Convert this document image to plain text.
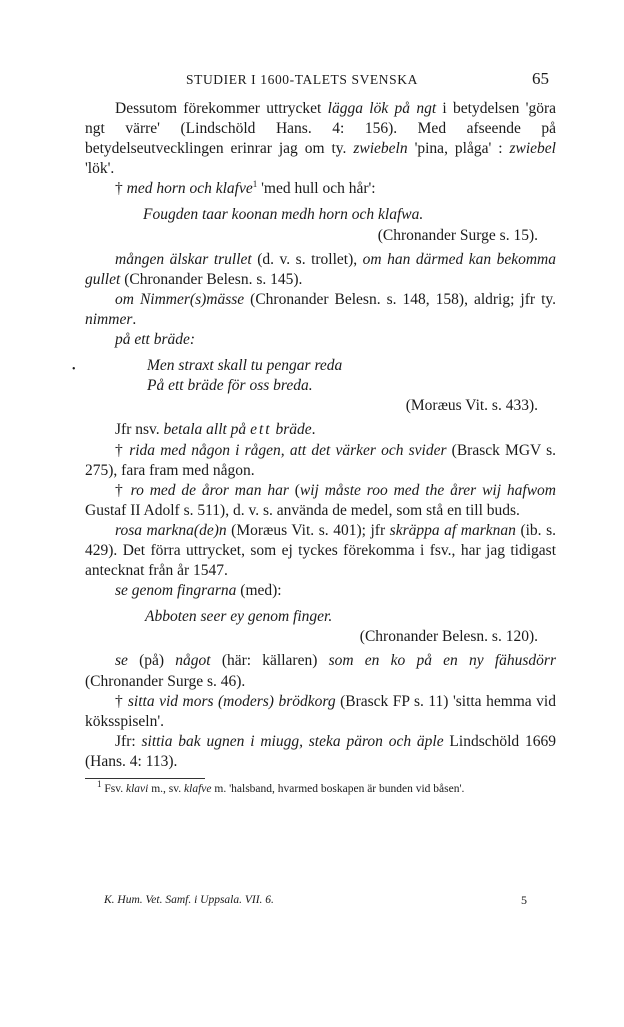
STUDIER I 1600-TALETS SVENSKA	65
•

Dessutom förekommer uttrycket lägga lök på ngt i betydelsen 'göra ngt värre' (Lindschöld Hans. 4: 156). Med afseende på betydelseutvecklingen erinrar jag om ty. zwiebeln 'pina, plåga' : zwiebel 'lök'.

† med horn och klafve$^1$ 'med hull och hår':

Fougden taar koonan medh horn och klafwa.

(Chronander Surge s. 15).

mången älskar trullet (d. v. s. trollet), om han därmed kan bekomma gullet (Chronander Belesn. s. 145).

om Nimmer(s)mässe (Chronander Belesn. s. 148, 158), aldrig; jfr ty. nimmer.

på ett bräde:

Men straxt skall tu pengar reda

På ett bräde för oss breda.

(Moræus Vit. s. 433).

Jfr nsv. betala allt på ett bräde.

† rida med någon i rågen, att det värker och svider (Brasck MGV s. 275), fara fram med någon.

† ro med de åror man har (wij måste roo med the årer wij hafwom Gustaf II Adolf s. 511), d. v. s. använda de medel, som stå en till buds.

rosa markna(de)n (Moræus Vit. s. 401); jfr skräppa af marknan (ib. s. 429). Det förra uttrycket, som ej tyckes förekomma i fsv., har jag tidigast antecknat från år 1547.

se genom fingrarna (med):

Abboten seer ey genom finger.

(Chronander Belesn. s. 120).

se (på) något (här: källaren) som en ko på en ny fähusdörr (Chronander Surge s. 46).

† sitta vid mors (moders) brödkorg (Brasck FP s. 11) 'sitta hemma vid köksspiseln'.

Jfr: sittia bak ugnen i miugg, steka päron och äple Lindschöld 1669 (Hans. 4: 113).

$^1$ Fsv. klavi m., sv. klafve m. 'halsband, hvarmed boskapen är bunden vid båsen'.

K. Hum. Vet. Samf. i Uppsala. VII. 6.	5
